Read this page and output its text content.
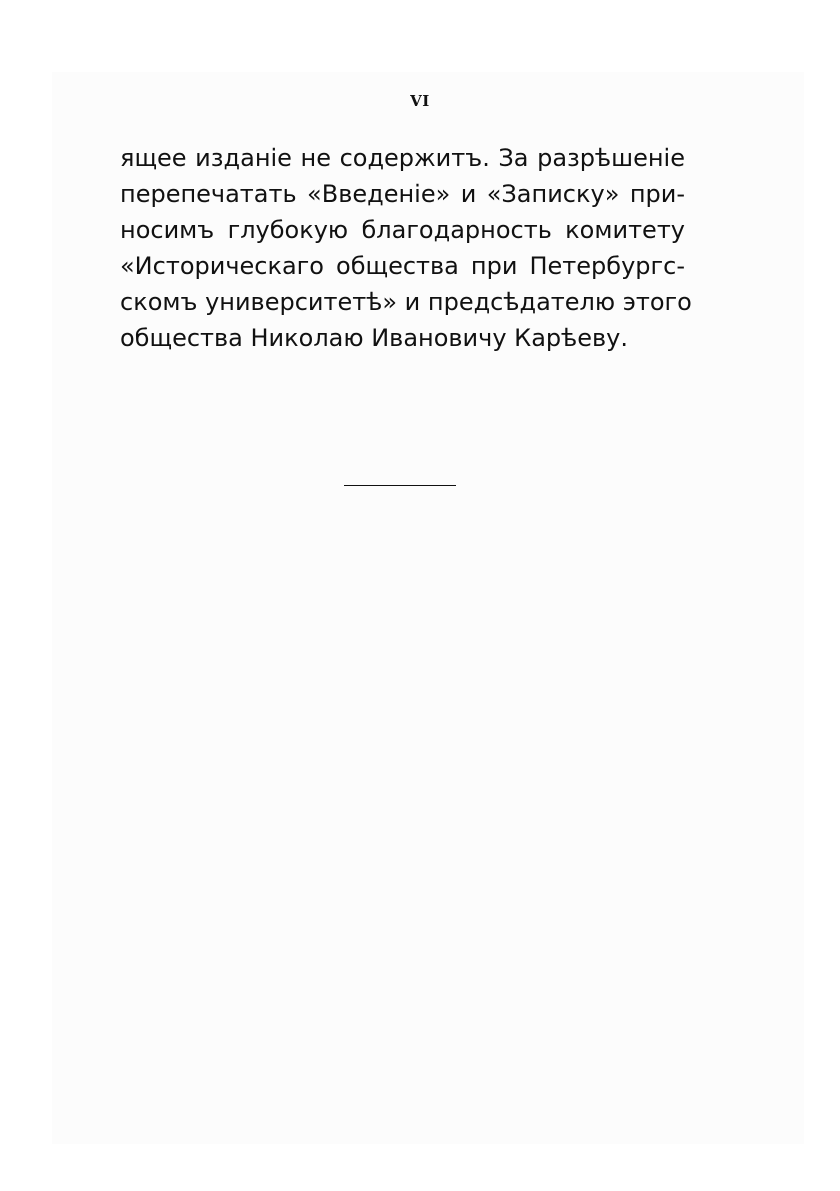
VI
ящее изданіе не содержитъ. За разрѣшеніе
перепечатать «Введеніе» и «Записку» при-
носимъ глубокую благодарность комитету
«Историческаго общества при Петербургс-
скомъ университетѣ» и предсѣдателю этого
общества Николаю Ивановичу Карѣеву.
